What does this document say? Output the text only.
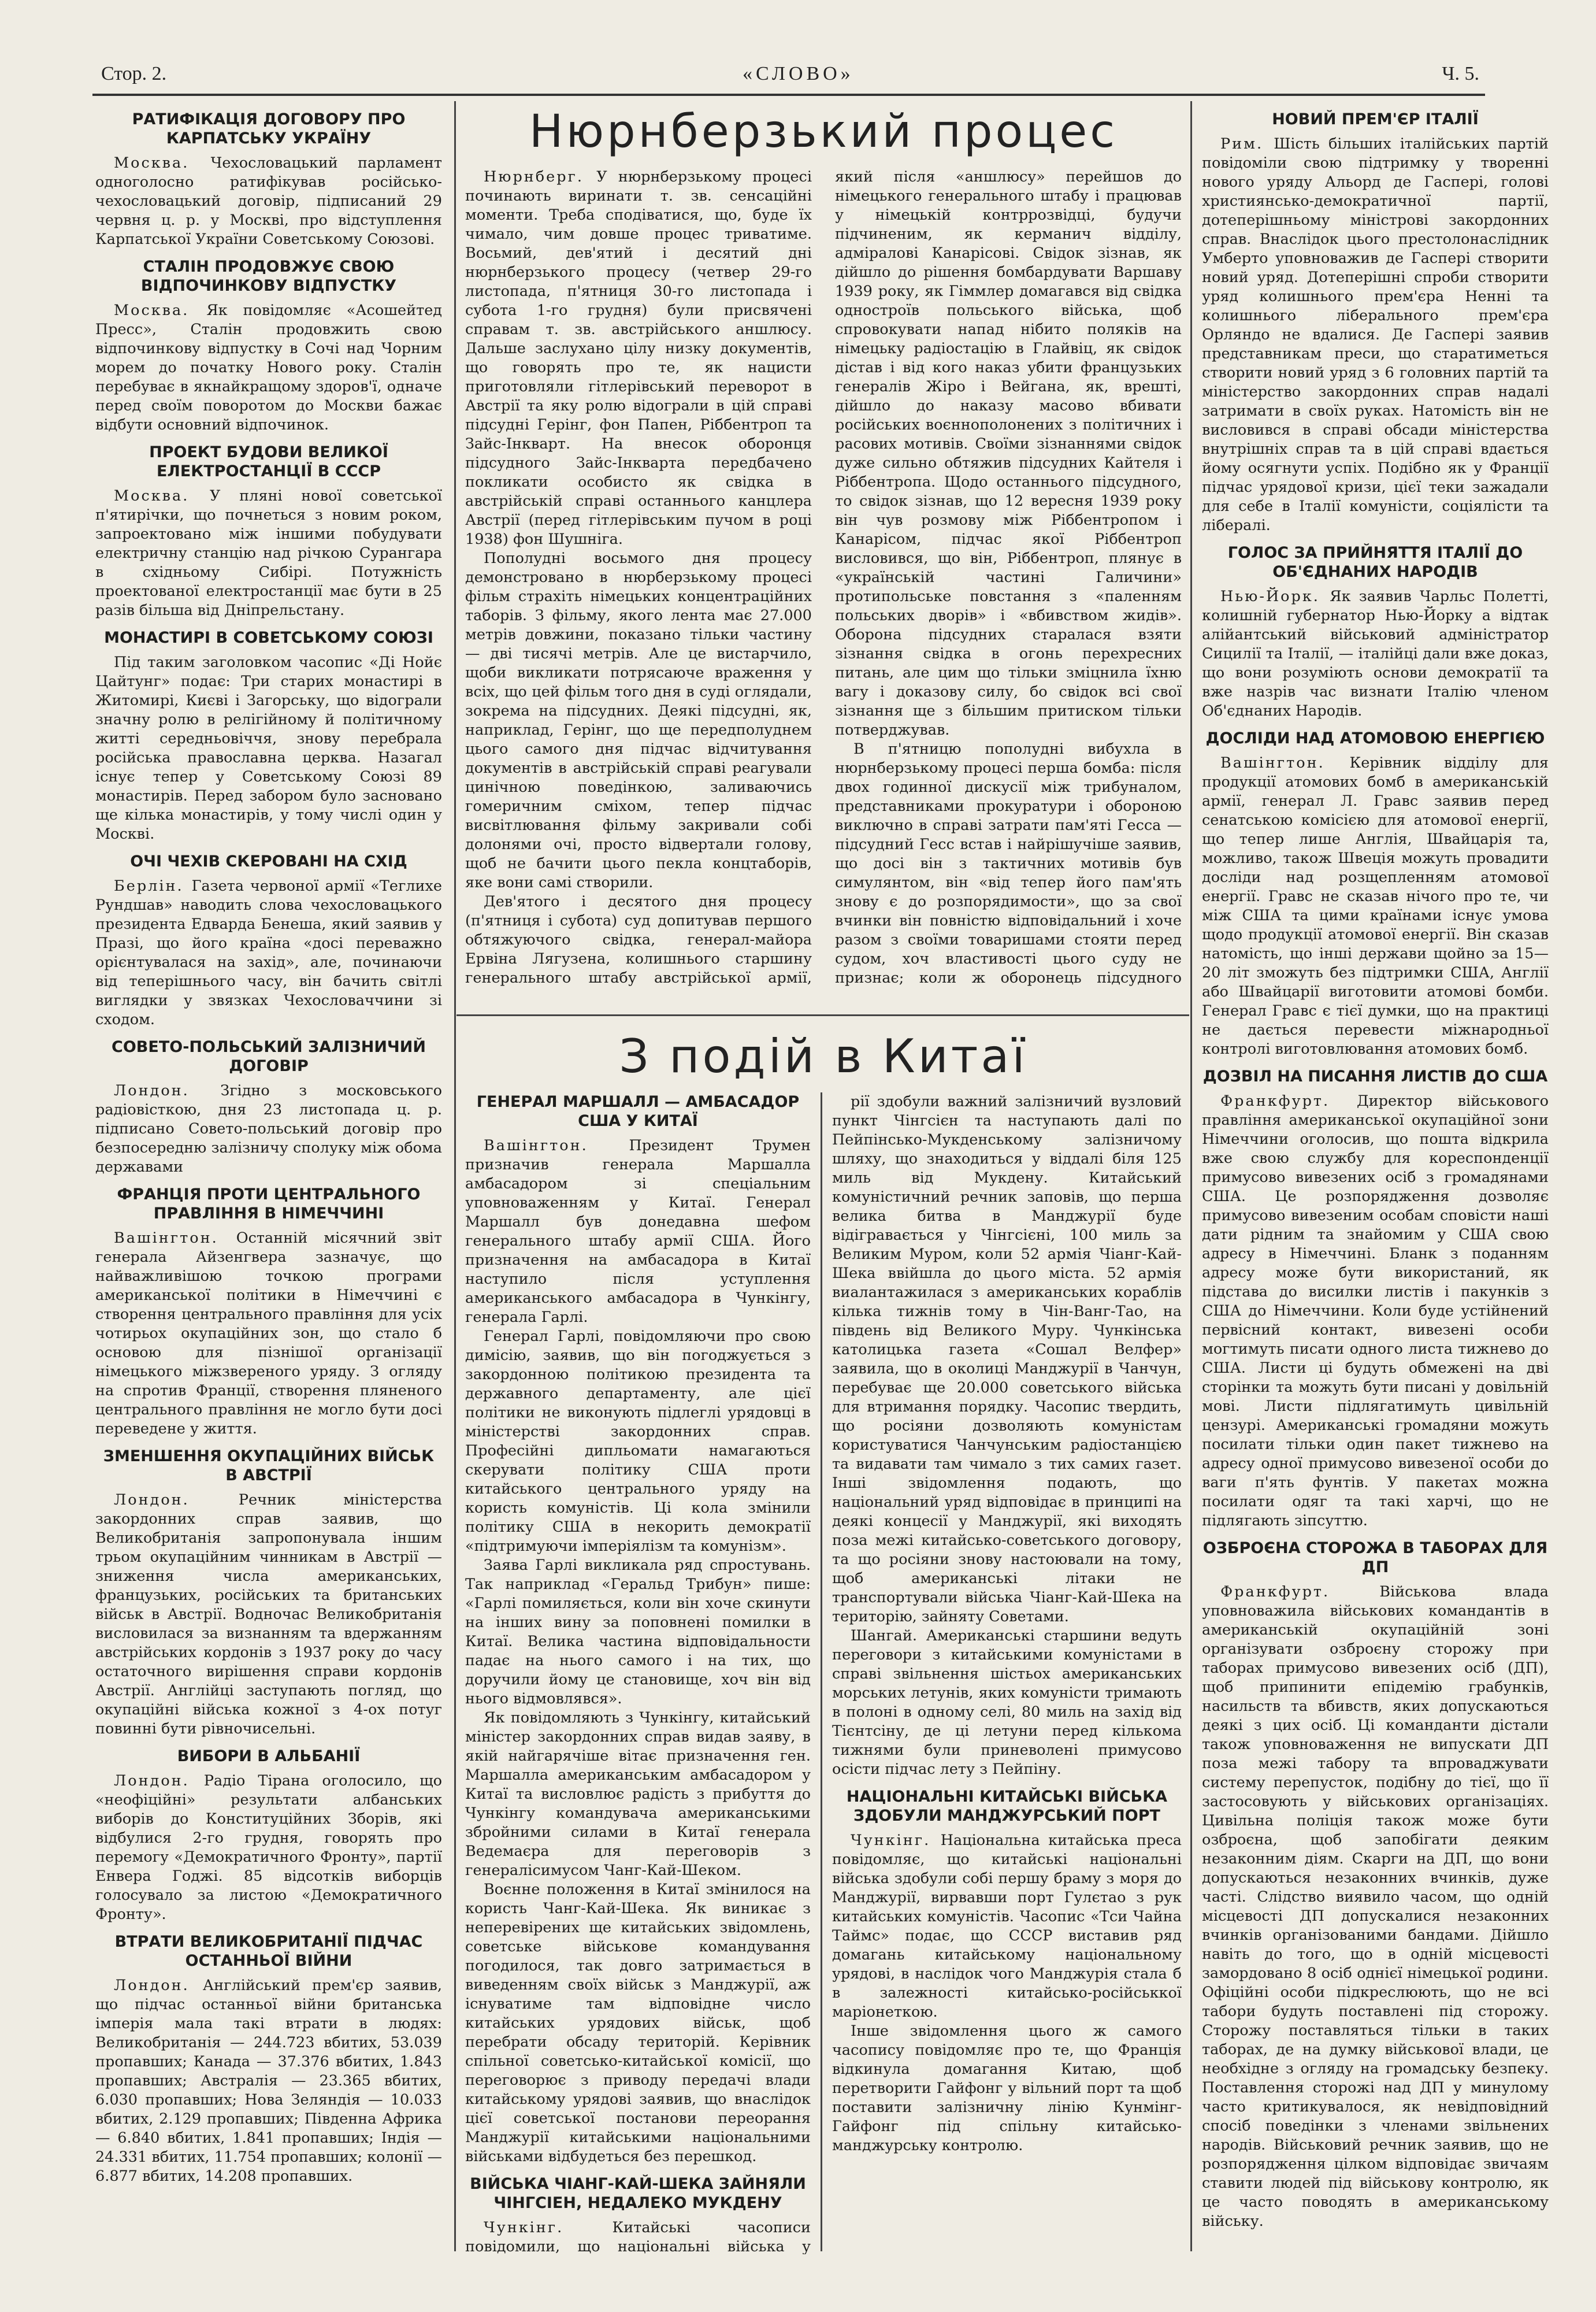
Стор. 2.	«СЛОВО»	Ч. 5.
Нюрнберзький процес
З подій в Китаї
РАТИФІКАЦІЯ ДОГОВОРУ ПРО КАРПАТСЬКУ УКРАЇНУ

Москва. Чехословацький парламент одноголосно ратифікував російсько-чехословацький договір, підписаний 29 червня ц. р. у Москві, про відступлення Карпатської України Советському Союзові.

СТАЛІН ПРОДОВЖУЄ СВОЮ ВІДПОЧИНКОВУ ВІДПУСТКУ

Москва. Як повідомляє «Асошейтед Пресс», Сталін продовжить свою відпочинкову відпустку в Сочі над Чорним морем до початку Нового року. Сталін перебуває в якнайкращому здоров'ї, одначе перед своїм поворотом до Москви бажає відбути основний відпочинок.

ПРОЕКТ БУДОВИ ВЕЛИКОЇ ЕЛЕКТРОСТАНЦІЇ В СССР

Москва. У пляні нової советської п'ятирічки, що почнеться з новим роком, запроектовано між іншими побудувати електричну станцію над річкою Сурангара в східньому Сибірі. Потужність проектованої електростанції має бути в 25 разів більша від Дніпрельстану.

МОНАСТИРІ В СОВЕТСЬКОМУ СОЮЗІ

Під таким заголовком часопис «Ді Нойє Цайтунг» подає: Три старих монастирі в Житомирі, Києві і Загорську, що відограли значну ролю в релігійному й політичному житті середньовіччя, знову перебрала російська православна церква. Назагал існує тепер у Советському Союзі 89 монастирів. Перед забором було засновано ще кілька монастирів, у тому числі один у Москві.

ОЧІ ЧЕХІВ СКЕРОВАНІ НА СХІД

Берлін. Газета червоної армії «Теглихе Рундшав» наводить слова чехословацького президента Едварда Бенеша, який заявив у Празі, що його країна «досі переважно орієнтувалася на захід», але, починаючи від теперішнього часу, він бачить світлі виглядки у звязках Чехословаччини зі сходом.

СОВЕТО-ПОЛЬСЬКИЙ ЗАЛІЗНИЧИЙ ДОГОВІР

Лондон. Згідно з московського радіовісткою, дня 23 листопада ц. р. підписано Совето-польський договір про безпосередню залізничу сполуку між обома державами

ФРАНЦІЯ ПРОТИ ЦЕНТРАЛЬНОГО ПРАВЛІННЯ В НІМЕЧЧИНІ

Вашінгтон. Останній місячний звіт генерала Айзенгвера зазначує, що найважливішою точкою програми американської політики в Німеччині є створення центрального правління для усіх чотирьох окупаційних зон, що стало б основою для пізнішої організації німецького міжзвереного уряду. З огляду на спротив Франції, створення пляненого центрального правління не могло бути досі переведене у життя.

ЗМЕНШЕННЯ ОКУПАЦІЙНИХ ВІЙСЬК В АВСТРІЇ

Лондон. Речник міністерства закордонних справ заявив, що Великобританія запропонувала іншим трьом окупаційним чинникам в Австрії — зниження числа американських, французьких, російських та британських військ в Австрії. Водночас Великобританія висловилася за визнанням та вдержанням австрійських кордонів з 1937 року до часу остаточного вирішення справи кордонів Австрії. Англійці заступають погляд, що окупаційні війська кожної з 4-ох потуг повинні бути рівночисельні.

ВИБОРИ В АЛЬБАНІЇ

Лондон. Радіо Тірана оголосило, що «неофіційні» результати албанських виборів до Конституційних Зборів, які відбулися 2-го грудня, говорять про перемогу «Демократичного Фронту», партії Енвера Годжі. 85 відсотків виборців голосувало за листою «Демократичного Фронту».

ВТРАТИ ВЕЛИКОБРИТАНІЇ ПІДЧАС ОСТАННЬОЇ ВІЙНИ

Лондон. Англійський прем'єр заявив, що підчас останньої війни британська імперія мала такі втрати в людях: Великобританія — 244.723 вбитих, 53.039 пропавших; Канада — 37.376 вбитих, 1.843 пропавших; Австралія — 23.365 вбитих, 6.030 пропавших; Нова Зеляндія — 10.033 вбитих, 2.129 пропавших; Південна Африка — 6.840 вбитих, 1.841 пропавших; Індія — 24.331 вбитих, 11.754 пропавших; колонії — 6.877 вбитих, 14.208 пропавших.

Нюрнберг. У нюрнберзькому процесі починають виринати т. зв. сенсаційні моменти. Треба сподіватися, що, буде їх чимало, чим довше процес триватиме. Восьмий, дев'ятий і десятий дні нюрнберзького процесу (четвер 29-го листопада, п'ятниця 30-го листопада і субота 1-го грудня) були присвячені справам т. зв. австрійського аншлюсу. Дальше заслухано цілу низку документів, що говорять про те, як нацисти приготовляли гітлерівський переворот в Австрії та яку ролю відограли в цій справі підсудні Герінг, фон Папен, Ріббентроп та Зайс-Інкварт. На внесок оборонця підсудного Зайс-Інкварта передбачено покликати особисто як свідка в австрійській справі останнього канцлера Австрії (перед гітлерівським пучом в році 1938) фон Шушніга.

Пополудні восьмого дня процесу демонстровано в нюрберзькому процесі фільм страхіть німецьких концентраційних таборів. З фільму, якого лента має 27.000 метрів довжини, показано тільки частину — дві тисячі метрів. Але це вистарчило, щоби викликати потрясаюче враження у всіх, що цей фільм того дня в суді оглядали, зокрема на підсудних. Деякі підсудні, як, наприклад, Герінг, що ще передполуднем цього самого дня підчас відчитування документів в австрійській справі реагували цинічною поведінкою, заливаючись гомеричним сміхом, тепер підчас висвітлювання фільму закривали собі долонями очі, просто відвертали голову, щоб не бачити цього пекла концтаборів, яке вони самі створили.

Дев'ятого і десятого дня процесу (п'ятниця і субота) суд допитував першого обтяжуючого свідка, генерал-майора Ервіна Лягузена, колишнього старшину генерального штабу австрійської армії, який після «аншлюсу» перейшов до німецького генерального штабу і працював у німецькій контррозвідці, будучи підчиненим, як керманич відділу, адміралові Канарісові. Свідок зізнав, як дійшло до рішення бомбардувати Варшаву 1939 року, як Гіммлер домагався від свідка одностроїв польського війська, щоб спровокувати напад нібито поляків на німецьку радіостацію в Глайвіц, як свідок дістав і від кого наказ убити французьких генералів Жіро і Вейгана, як, врешті, дійшло до наказу масово вбивати російських воєннополонених з політичних і расових мотивів. Своїми зізнаннями свідок дуже сильно обтяжив підсудних Кайтеля і Ріббентропа. Щодо останнього підсудного, то свідок зізнав, що 12 вересня 1939 року він чув розмову між Ріббентропом і Канарісом, підчас якої Ріббентроп висловився, що він, Ріббентроп, плянує в «українській частині Галичини» протипольське повстання з «паленням польських дворів» і «вбивством жидів». Оборона підсудних старалася взяти зізнання свідка в огонь перехресних питань, але цим що тільки зміцнила їхню вагу і доказову силу, бо свідок всі свої зізнання ще з більшим притиском тільки потверджував.

В п'ятницю пополудні вибухла в нюрнберзькому процесі перша бомба: після двох годинної дискусії між трибуналом, представниками прокуратури і обороною виключно в справі затрати пам'яті Гесса — підсудний Гесс встав і найрішучіше заявив, що досі він з тактичних мотивів був симулянтом, він «від тепер його пам'ять знову є до розпорядимости», що за свої вчинки він повністю відповідальний і хоче разом з своїми товаришами стояти перед судом, хоч властивості цього суду не признає; коли ж оборонець підсудного

ГЕНЕРАЛ МАРШАЛЛ — АМБАСАДОР США У КИТАЇ

Вашінгтон. Президент Трумен призначив генерала Маршалла амбасадором зі спеціальним уповноваженням у Китаї. Генерал Маршалл був донедавна шефом генерального штабу армії США. Його призначення на амбасадора в Китаї наступило після уступлення американського амбасадора в Чункінгу, генерала Гарлі.

Генерал Гарлі, повідомляючи про свою димісію, заявив, що він погоджується з закордонною політикою президента та державного департаменту, але цієї політики не виконують підлеглі урядовці в міністерстві закордонних справ. Професійні дипльомати намагаються скерувати політику США проти китайського центрального уряду на користь комуністів. Ці кола змінили політику США в некорить демократії «підтримуючи імперіялізм та комунізм».

Заява Гарлі викликала ряд спростувань. Так наприклад «Геральд Трибун» пише: «Гарлі помиляється, коли він хоче скинути на інших вину за поповнені помилки в Китаї. Велика частина відповідальности падає на нього самого і на тих, що доручили йому це становище, хоч він від нього відмовлявся».

Як повідомляють з Чункінгу, китайський міністер закордонних справ видав заяву, в якій найгарячіше вітає призначення ген. Маршалла американським амбасадором у Китаї та висловлює радість з прибуття до Чункінгу командувача американськими збройними силами в Китаї генерала Ведемаєра для переговорів з генералісимусом Чанг-Кай-Шеком.

Воєнне положення в Китаї змінилося на користь Чанг-Кай-Шека. Як виникає з неперевірених ще китайських звідомлень, советське військове командування погодилося, так довго затримається в виведенням своїх військ з Манджурії, аж існуватиме там відповідне число китайських урядових військ, щоб перебрати обсаду територій. Керівник спільної советсько-китайської комісії, що переговорює з приводу передачі влади китайському урядові заявив, що внаслідок цієї советської постанови переорання Манджурії китайськими національними військами відбудеться без перешкод.

ВІЙСЬКА ЧІАНГ-КАЙ-ШЕКА ЗАЙНЯЛИ ЧІНГСІЕН, НЕДАЛЕКО МУКДЕНУ

Чункінг. Китайські часописи повідомили, що національні війська у

рії здобули важний залізничий вузловий пункт Чінгсієн та наступають далі по Пейпінсько-Мукденському залізничому шляху, що знаходиться у віддалі біля 125 миль від Мукдену. Китайський комуністичний речник заповів, що перша велика битва в Манджурії буде відігравається у Чінгсієні, 100 миль за Великим Муром, коли 52 армія Чіанг-Кай-Шека ввійшла до цього міста. 52 армія виалантажилася з американських кораблів кілька тижнів тому в Чін-Ванг-Тао, на південь від Великого Муру. Чункінська католицька газета «Сошал Велфер» заявила, що в околиці Манджурії в Чанчун, перебуває ще 20.000 советського війська для втримання порядку. Часопис твердить, що росіяни дозволяють комуністам користуватися Чанчунським радіостанцією та видавати там чимало з тих самих газет. Інші звідомлення подають, що національний уряд відповідає в принципі на деякі концесії у Манджурії, які виходять поза межі китайсько-советського договору, та що росіяни знову настоювали на тому, щоб американські літаки не транспортували війська Чіанг-Кай-Шека на територію, зайняту Советами.

Шангай. Американські старшини ведуть переговори з китайськими комуністами в справі звільнення шістьох американських морських летунів, яких комуністи тримають в полоні в одному селі, 80 миль на захід від Тієнтсіну, де ці летуни перед кількома тижнями були приневолені примусово осісти підчас лету з Пейпіну.

НАЦІОНАЛЬНІ КИТАЙСЬКІ ВІЙСЬКА ЗДОБУЛИ МАНДЖУРСЬКИЙ ПОРТ

Чункінг. Національна китайська преса повідомляє, що китайські національні війська здобули собі першу браму з моря до Манджурії, вирвавши порт Гулєтао з рук китайських комуністів. Часопис «Тси Чайна Таймс» подає, що СССР виставив ряд домагань китайському національному урядові, в наслідок чого Манджурія стала б в залежності китайсько-російськкої маріонеткою.

Інше звідомлення цього ж самого часопису повідомляє про те, що Франція відкинула домагання Китаю, щоб перетворити Гайфонг у вільний порт та щоб поставити залізничну лінію Кунмінг-Гайфонг під спільну китайсько-манджурську контролю.

НОВИЙ ПРЕМ'ЄР ІТАЛІЇ

Рим. Шість більших італійських партій повідоміли свою підтримку у творенні нового уряду Альорд де Гаспері, голові християнсько-демократичної партії, дотеперішньому міністрові закордонних справ. Внаслідок цього престолонаслідник Умберто уповноважив де Гаспері створити новий уряд. Дотеперішні спроби створити уряд колишнього прем'єра Ненні та колишнього ліберального прем'єра Орляндо не вдалися. Де Гаспері заявив представникам преси, що старатиметься створити новий уряд з 6 головних партій та міністерство закордонних справ надалі затримати в своїх руках. Натомість він не висловився в справі обсади міністерства внутрішніх справ та в цій справі вдається йому осягнути успіх. Подібно як у Франції підчас урядової кризи, цієї теки зажадали для себе в Італії комуністи, соціялісти та лібералі.

ГОЛОС ЗА ПРИЙНЯТТЯ ІТАЛІЇ ДО ОБ'ЄДНАНИХ НАРОДІВ

Нью-Йорк. Як заявив Чарльс Полетті, колишній губернатор Нью-Йорку а відтак алійантський військовий адміністратор Сицилії та Італії, — італійці дали вже доказ, що вони розуміють основи демократії та вже назрів час визнати Італію членом Об'єднаних Народів.

ДОСЛІДИ НАД АТОМОВОЮ ЕНЕРГІЄЮ

Вашінгтон. Керівник відділу для продукції атомових бомб в американській армії, генерал Л. Гравс заявив перед сенатською комісією для атомової енергії, що тепер лише Англія, Швайцарія та, можливо, також Швеція можуть провадити досліди над розщепленням атомової енергії. Гравс не сказав нічого про те, чи між США та цими країнами існує умова щодо продукції атомової енергії. Він сказав натомість, що інші держави щойно за 15—20 літ зможуть без підтримки США, Англії або Швайцарії виготовити атомові бомби. Генерал Гравс є тієї думки, що на практиці не дається перевести міжнародньої контролі виготовлювання атомових бомб.

ДОЗВІЛ НА ПИСАННЯ ЛИСТІВ ДО США

Франкфурт. Директор військового правління американської окупаційної зони Німеччини оголосив, що пошта відкрила вже свою службу для кореспонденції примусово вивезених осіб з громадянами США. Це розпорядження дозволяє примусово вивезеним особам сповісти наші дати рідним та знайомим у США свою адресу в Німеччині. Бланк з поданням адресу може бути використаний, як підстава до висилки листів і пакунків з США до Німеччини. Коли буде устійнений первісний контакт, вивезені особи могтимуть писати одного листа тижнево до США. Листи ці будуть обмежені на дві сторінки та можуть бути писані у довільній мові. Листи підлягатимуть цивільній цензурі. Американські громадяни можуть посилати тільки один пакет тижнево на адресу одної примусово вивезеної особи до ваги п'ять фунтів. У пакетах можна посилати одяг та такі харчі, що не підлягають зіпсуттю.

ОЗБРОЄНА СТОРОЖА В ТАБОРАХ ДЛЯ ДП

Франкфурт. Військова влада уповноважила військових командантів в американській окупаційній зоні організувати озброєну сторожу при таборах примусово вивезених осіб (ДП), щоб припинити епідемію грабунків, насильств та вбивств, яких допускаються деякі з цих осіб. Ці команданти дістали також уповноваження не випускати ДП поза межі табору та впроваджувати систему перепусток, подібну до тієї, що її застосовують у військових організаціях. Цивільна поліція також може бути озброєна, щоб запобігати деяким незаконним діям. Скарги на ДП, що вони допускаються незаконних вчинків, дуже часті. Слідство виявило часом, що одній місцевості ДП допускалися незаконних вчинків організованими бандами. Дійшло навіть до того, що в одній місцевості замордовано 8 осіб однієї німецької родини. Офіційні особи підкреслюють, що не всі табори будуть поставлені під сторожу. Сторожу поставляться тільки в таких таборах, де на думку військової влади, це необхідне з огляду на громадську безпеку. Поставлення сторожі над ДП у минулому часто критикувалося, як невідповідний спосіб поведінки з членами звільнених народів. Військовий речник заявив, що не розпорядження цілком відповідає звичаям ставити людей під військову контролю, як це часто поводять в американському війську.
